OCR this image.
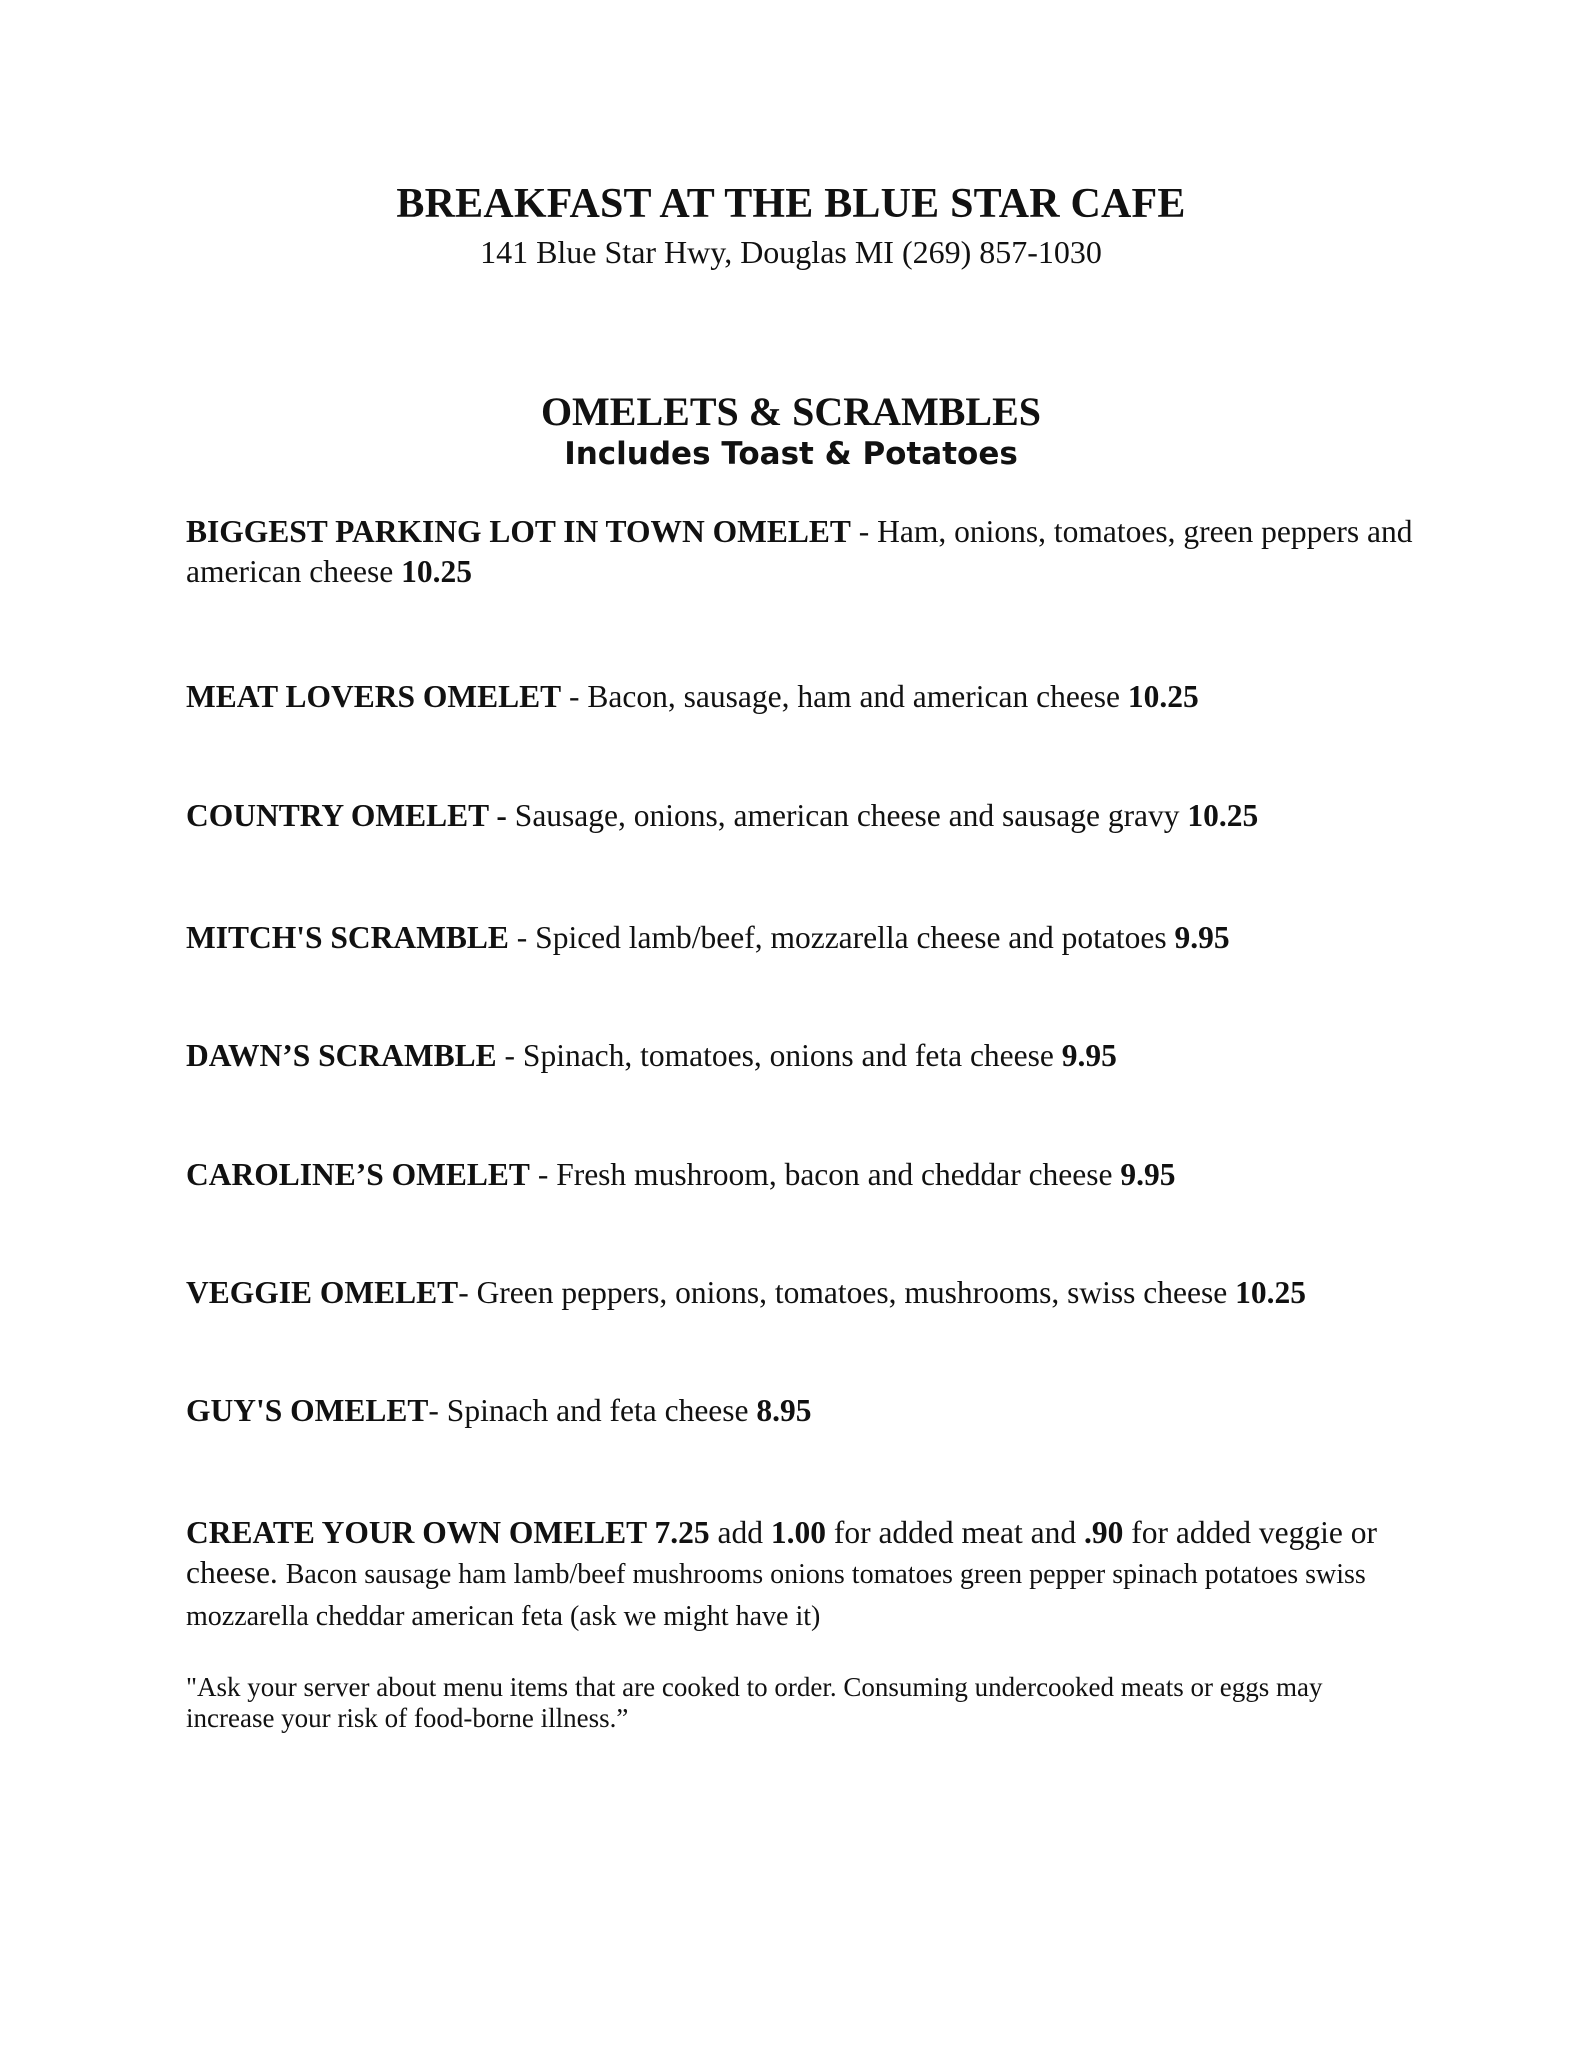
BREAKFAST AT THE BLUE STAR CAFE
141 Blue Star Hwy, Douglas MI (269) 857-1030
OMELETS & SCRAMBLES
Includes Toast & Potatoes
BIGGEST PARKING LOT IN TOWN OMELET - Ham, onions, tomatoes, green peppers and american cheese 10.25
MEAT LOVERS OMELET - Bacon, sausage, ham and american cheese 10.25
COUNTRY OMELET - Sausage, onions, american cheese and sausage gravy 10.25
MITCH'S SCRAMBLE - Spiced lamb/beef, mozzarella cheese and potatoes 9.95
DAWN’S SCRAMBLE - Spinach, tomatoes, onions and feta cheese 9.95
CAROLINE’S OMELET - Fresh mushroom, bacon and cheddar cheese 9.95
VEGGIE OMELET- Green peppers, onions, tomatoes, mushrooms, swiss cheese 10.25
GUY'S OMELET- Spinach and feta cheese 8.95
CREATE YOUR OWN OMELET 7.25 add 1.00 for added meat and .90 for added veggie or cheese. Bacon sausage ham lamb/beef mushrooms onions tomatoes green pepper spinach potatoes swiss mozzarella cheddar american feta (ask we might have it)
"Ask your server about menu items that are cooked to order. Consuming undercooked meats or eggs may increase your risk of food-borne illness.”
